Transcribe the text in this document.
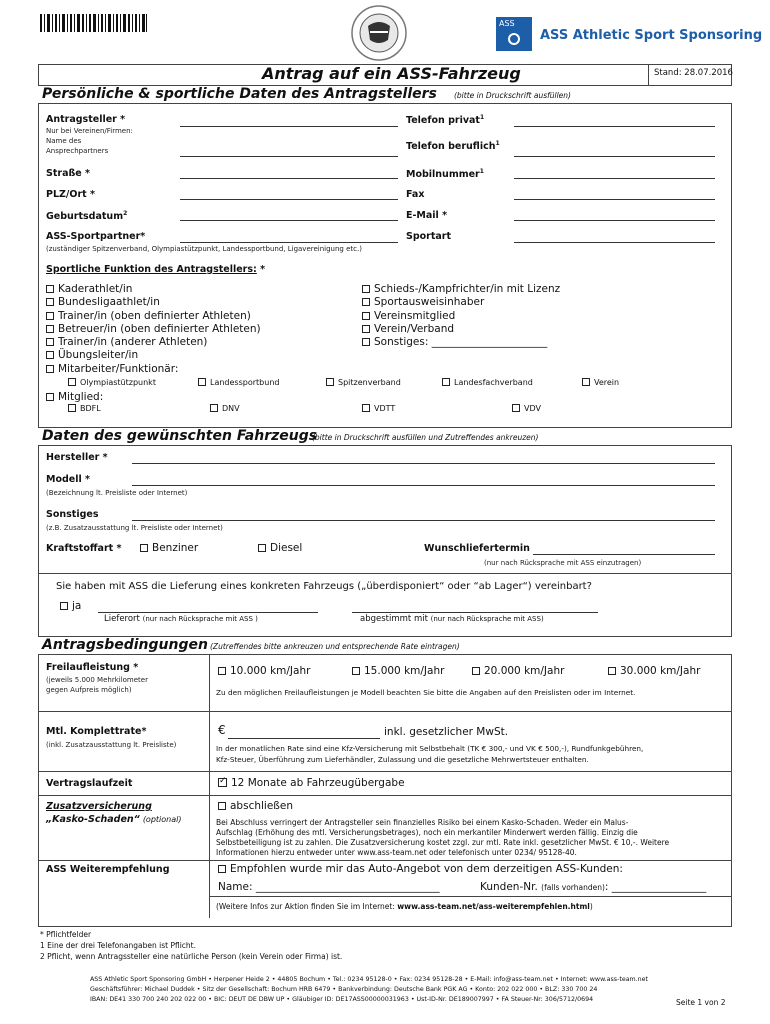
ASS
ASS Athletic Sport Sponsoring
Antrag auf ein ASS-Fahrzeug	Stand: 28.07.2016
Persönliche & sportliche Daten des Antragstellers (bitte in Druckschrift ausfüllen)
Antragsteller *
Nur bei Vereinen/Firmen:
Name des
Ansprechpartners
Telefon privat$^1$
Telefon beruflich$^1$
Straße *	Mobilnummer$^1$
PLZ/Ort *	Fax
Geburtsdatum$^2$	E-Mail *
ASS-Sportpartner*	Sportart
(zuständiger Spitzenverband, Olympiastützpunkt, Landessportbund, Ligavereinigung etc.)
Sportliche Funktion des Antragstellers: *
Kaderathlet/in
Bundesligaathlet/in
Trainer/in (oben definierter Athleten)
Betreuer/in (oben definierter Athleten)
Trainer/in (anderer Athleten)
Übungsleiter/in
Mitarbeiter/Funktionär:
Schieds-/Kampfrichter/in mit Lizenz
Sportausweisinhaber
Vereinsmitglied
Verein/Verband
Sonstiges: ______________________
Olympiastützpunkt	Landessportbund	Spitzenverband	Landesfachverband	Verein
Mitglied:
BDFL	DNV	VDTT	VDV
Daten des gewünschten Fahrzeugs
(bitte in Druckschrift ausfüllen und Zutreffendes ankreuzen)
Hersteller *
Modell *
(Bezeichnung lt. Preisliste oder Internet)
Sonstiges
(z.B. Zusatzausstattung lt. Preisliste oder Internet)
Kraftstoffart *	Benziner	Diesel	Wunschliefertermin
(nur nach Rücksprache mit ASS einzutragen)
Sie haben mit ASS die Lieferung eines konkreten Fahrzeugs („überdisponiert“ oder “ab Lager“) vereinbart?
ja
Lieferort (nur nach Rücksprache mit ASS )	abgestimmt mit (nur nach Rücksprache mit ASS)
Antragsbedingungen (Zutreffendes bitte ankreuzen und entsprechende Rate eintragen)
Freilaufleistung *
(jeweils 5.000 Mehrkilometer
gegen Aufpreis möglich)
10.000 km/Jahr	15.000 km/Jahr	20.000 km/Jahr	30.000 km/Jahr
Zu den möglichen Freilaufleistungen je Modell beachten Sie bitte die Angaben auf den Preislisten oder im Internet.
Mtl. Komplettrate*
(inkl. Zusatzausstattung lt. Preisliste)
€	inkl. gesetzlicher MwSt.
In der monatlichen Rate sind eine Kfz-Versicherung mit Selbstbehalt (TK € 300,- und VK € 500,-), Rundfunkgebühren,
Kfz-Steuer, Überführung zum Lieferhändler, Zulassung und die gesetzliche Mehrwertsteuer enthalten.
Vertragslaufzeit
✓	12 Monate ab Fahrzeugübergabe
Zusatzversicherung
„Kasko-Schaden“ (optional)
abschließen
Bei Abschluss verringert der Antragsteller sein finanzielles Risiko bei einem Kasko-Schaden. Weder ein Malus-
Aufschlag (Erhöhung des mtl. Versicherungsbetrages), noch ein merkantiler Minderwert werden fällig. Einzig die
Selbstbeteiligung ist zu zahlen. Die Zusatzversicherung kostet zzgl. zur mtl. Rate inkl. gesetzlicher MwSt. € 10,-. Weitere
Informationen hierzu entweder unter www.ass-team.net oder telefonisch unter 0234/ 95128-40.
ASS Weiterempfehlung	Empfohlen wurde mir das Auto-Angebot von dem derzeitigen ASS-Kunden:
Name: ___________________________________	Kunden-Nr. (falls vorhanden): __________________
(Weitere Infos zur Aktion finden Sie im Internet: www.ass-team.net/ass-weiterempfehlen.html)
* Pflichtfelder
1 Eine der drei Telefonangaben ist Pflicht.
2 Pflicht, wenn Antragssteller eine natürliche Person (kein Verein oder Firma) ist.
ASS Athletic Sport Sponsoring GmbH • Herpener Heide 2 • 44805 Bochum • Tel.: 0234 95128-0 • Fax: 0234 95128-28 • E-Mail: info@ass-team.net • Internet: www.ass-team.net
Geschäftsführer: Michael Duddek • Sitz der Gesellschaft: Bochum HRB 6479 • Bankverbindung: Deutsche Bank PGK AG • Konto: 202 022 000 • BLZ: 330 700 24
IBAN: DE41 330 700 240 202 022 00 • BIC: DEUT DE DBW UP • Gläubiger ID: DE17ASS00000031963 • Ust-ID-Nr. DE189007997 • FA Steuer-Nr: 306/5712/0694	Seite 1 von 2
